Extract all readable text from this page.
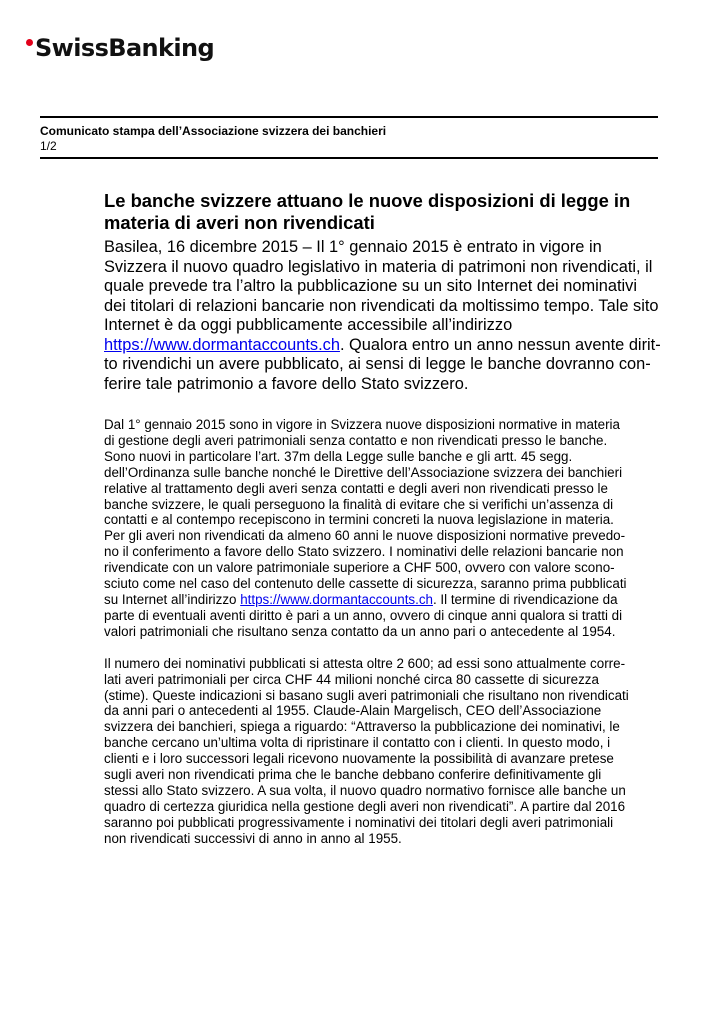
SwissBanking
Comunicato stampa dell’Associazione svizzera dei banchieri
1/2
Le banche svizzere attuano le nuove disposizioni di legge in
materia di averi non rivendicati
Basilea, 16 dicembre 2015 – Il 1° gennaio 2015 è entrato in vigore in
Svizzera il nuovo quadro legislativo in materia di patrimoni non rivendicati, il
quale prevede tra l’altro la pubblicazione su un sito Internet dei nominativi
dei titolari di relazioni bancarie non rivendicati da moltissimo tempo. Tale sito
Internet è da oggi pubblicamente accessibile all’indirizzo
https://www.dormantaccounts.ch. Qualora entro un anno nessun avente dirit-
to rivendichi un avere pubblicato, ai sensi di legge le banche dovranno con-
ferire tale patrimonio a favore dello Stato svizzero.
Dal 1° gennaio 2015 sono in vigore in Svizzera nuove disposizioni normative in materia
di gestione degli averi patrimoniali senza contatto e non rivendicati presso le banche.
Sono nuovi in particolare l’art. 37m della Legge sulle banche e gli artt. 45 segg.
dell’Ordinanza sulle banche nonché le Direttive dell’Associazione svizzera dei banchieri
relative al trattamento degli averi senza contatti e degli averi non rivendicati presso le
banche svizzere, le quali perseguono la finalità di evitare che si verifichi un’assenza di
contatti e al contempo recepiscono in termini concreti la nuova legislazione in materia.
Per gli averi non rivendicati da almeno 60 anni le nuove disposizioni normative prevedo-
no il conferimento a favore dello Stato svizzero. I nominativi delle relazioni bancarie non
rivendicate con un valore patrimoniale superiore a CHF 500, ovvero con valore scono-
sciuto come nel caso del contenuto delle cassette di sicurezza, saranno prima pubblicati
su Internet all’indirizzo https://www.dormantaccounts.ch. Il termine di rivendicazione da
parte di eventuali aventi diritto è pari a un anno, ovvero di cinque anni qualora si tratti di
valori patrimoniali che risultano senza contatto da un anno pari o antecedente al 1954.
Il numero dei nominativi pubblicati si attesta oltre 2 600; ad essi sono attualmente corre-
lati averi patrimoniali per circa CHF 44 milioni nonché circa 80 cassette di sicurezza
(stime). Queste indicazioni si basano sugli averi patrimoniali che risultano non rivendicati
da anni pari o antecedenti al 1955. Claude-Alain Margelisch, CEO dell’Associazione
svizzera dei banchieri, spiega a riguardo: “Attraverso la pubblicazione dei nominativi, le
banche cercano un’ultima volta di ripristinare il contatto con i clienti. In questo modo, i
clienti e i loro successori legali ricevono nuovamente la possibilità di avanzare pretese
sugli averi non rivendicati prima che le banche debbano conferire definitivamente gli
stessi allo Stato svizzero. A sua volta, il nuovo quadro normativo fornisce alle banche un
quadro di certezza giuridica nella gestione degli averi non rivendicati”. A partire dal 2016
saranno poi pubblicati progressivamente i nominativi dei titolari degli averi patrimoniali
non rivendicati successivi di anno in anno al 1955.
